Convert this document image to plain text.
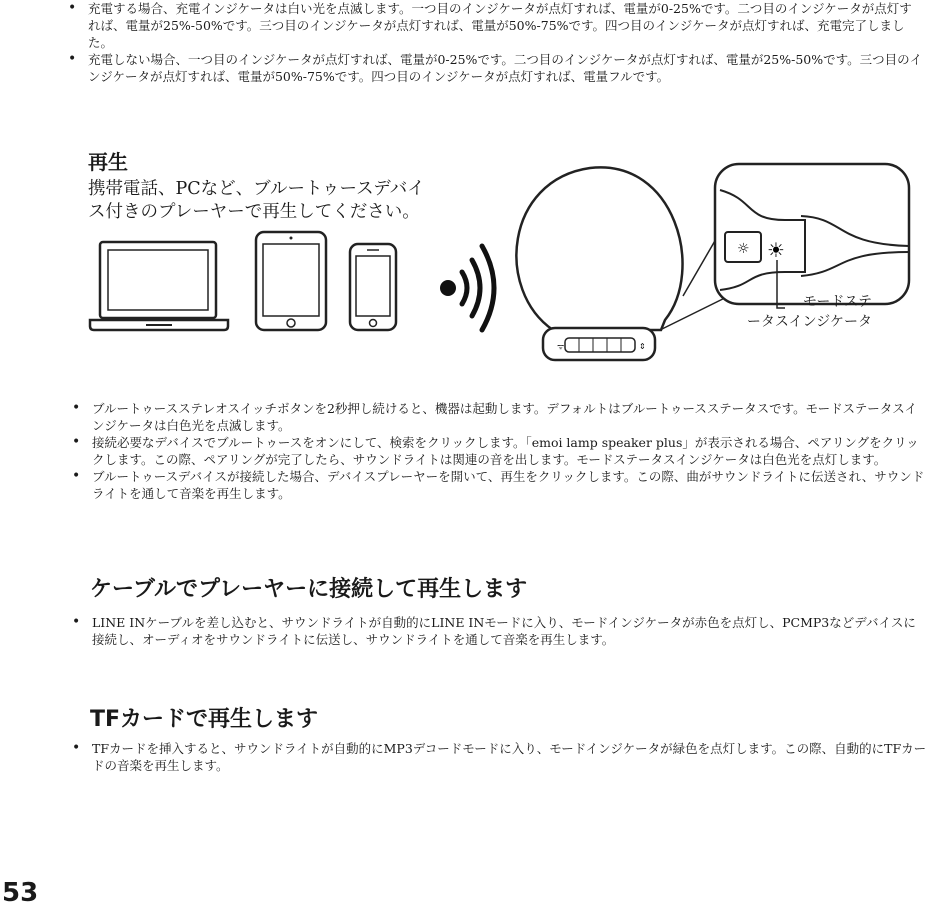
• 充電する場合、充電インジケータは白い光を点滅します。一つ目のインジケータが点灯すれば、電量が0-25%です。二つ目のインジケータが点灯すれば、電量が25%-50%です。三つ目のインジケータが点灯すれば、電量が50%-75%です。四つ目のインジケータが点灯すれば、充電完了しました。
• 充電しない場合、一つ目のインジケータが点灯すれば、電量が0-25%です。二つ目のインジケータが点灯すれば、電量が25%-50%です。三つ目のインジケータが点灯すれば、電量が50%-75%です。四つ目のインジケータが点灯すれば、電量フルです。
再生
携帯電話、PCなど、ブルートゥースデバイ
ス付きのプレーヤーで再生してください。
ᯤ	⇕
☼ ☀
モードステ
ータスインジケータ
• ブルートゥースステレオスイッチボタンを2秒押し続けると、機器は起動します。デフォルトはブルートゥースステータスです。モードステータスインジケータは白色光を点滅します。
• 接続必要なデバイスでブルートゥースをオンにして、検索をクリックします。「emoi lamp speaker plus」が表示される場合、ペアリングをクリックします。この際、ペアリングが完了したら、サウンドライトは関連の音を出します。モードステータスインジケータは白色光を点灯します。
• ブルートゥースデバイスが接続した場合、デバイスプレーヤーを開いて、再生をクリックします。この際、曲がサウンドライトに伝送され、サウンドライトを通して音楽を再生します。
ケーブルでプレーヤーに接続して再生します
• LINE INケーブルを差し込むと、サウンドライトが自動的にLINE INモードに入り、モードインジケータが赤色を点灯し、PCMP3などデバイスに接続し、オーディオをサウンドライトに伝送し、サウンドライトを通して音楽を再生します。
TFカードで再生します
• TFカードを挿入すると、サウンドライトが自動的にMP3デコードモードに入り、モードインジケータが緑色を点灯します。この際、自動的にTFカードの音楽を再生します。
53
